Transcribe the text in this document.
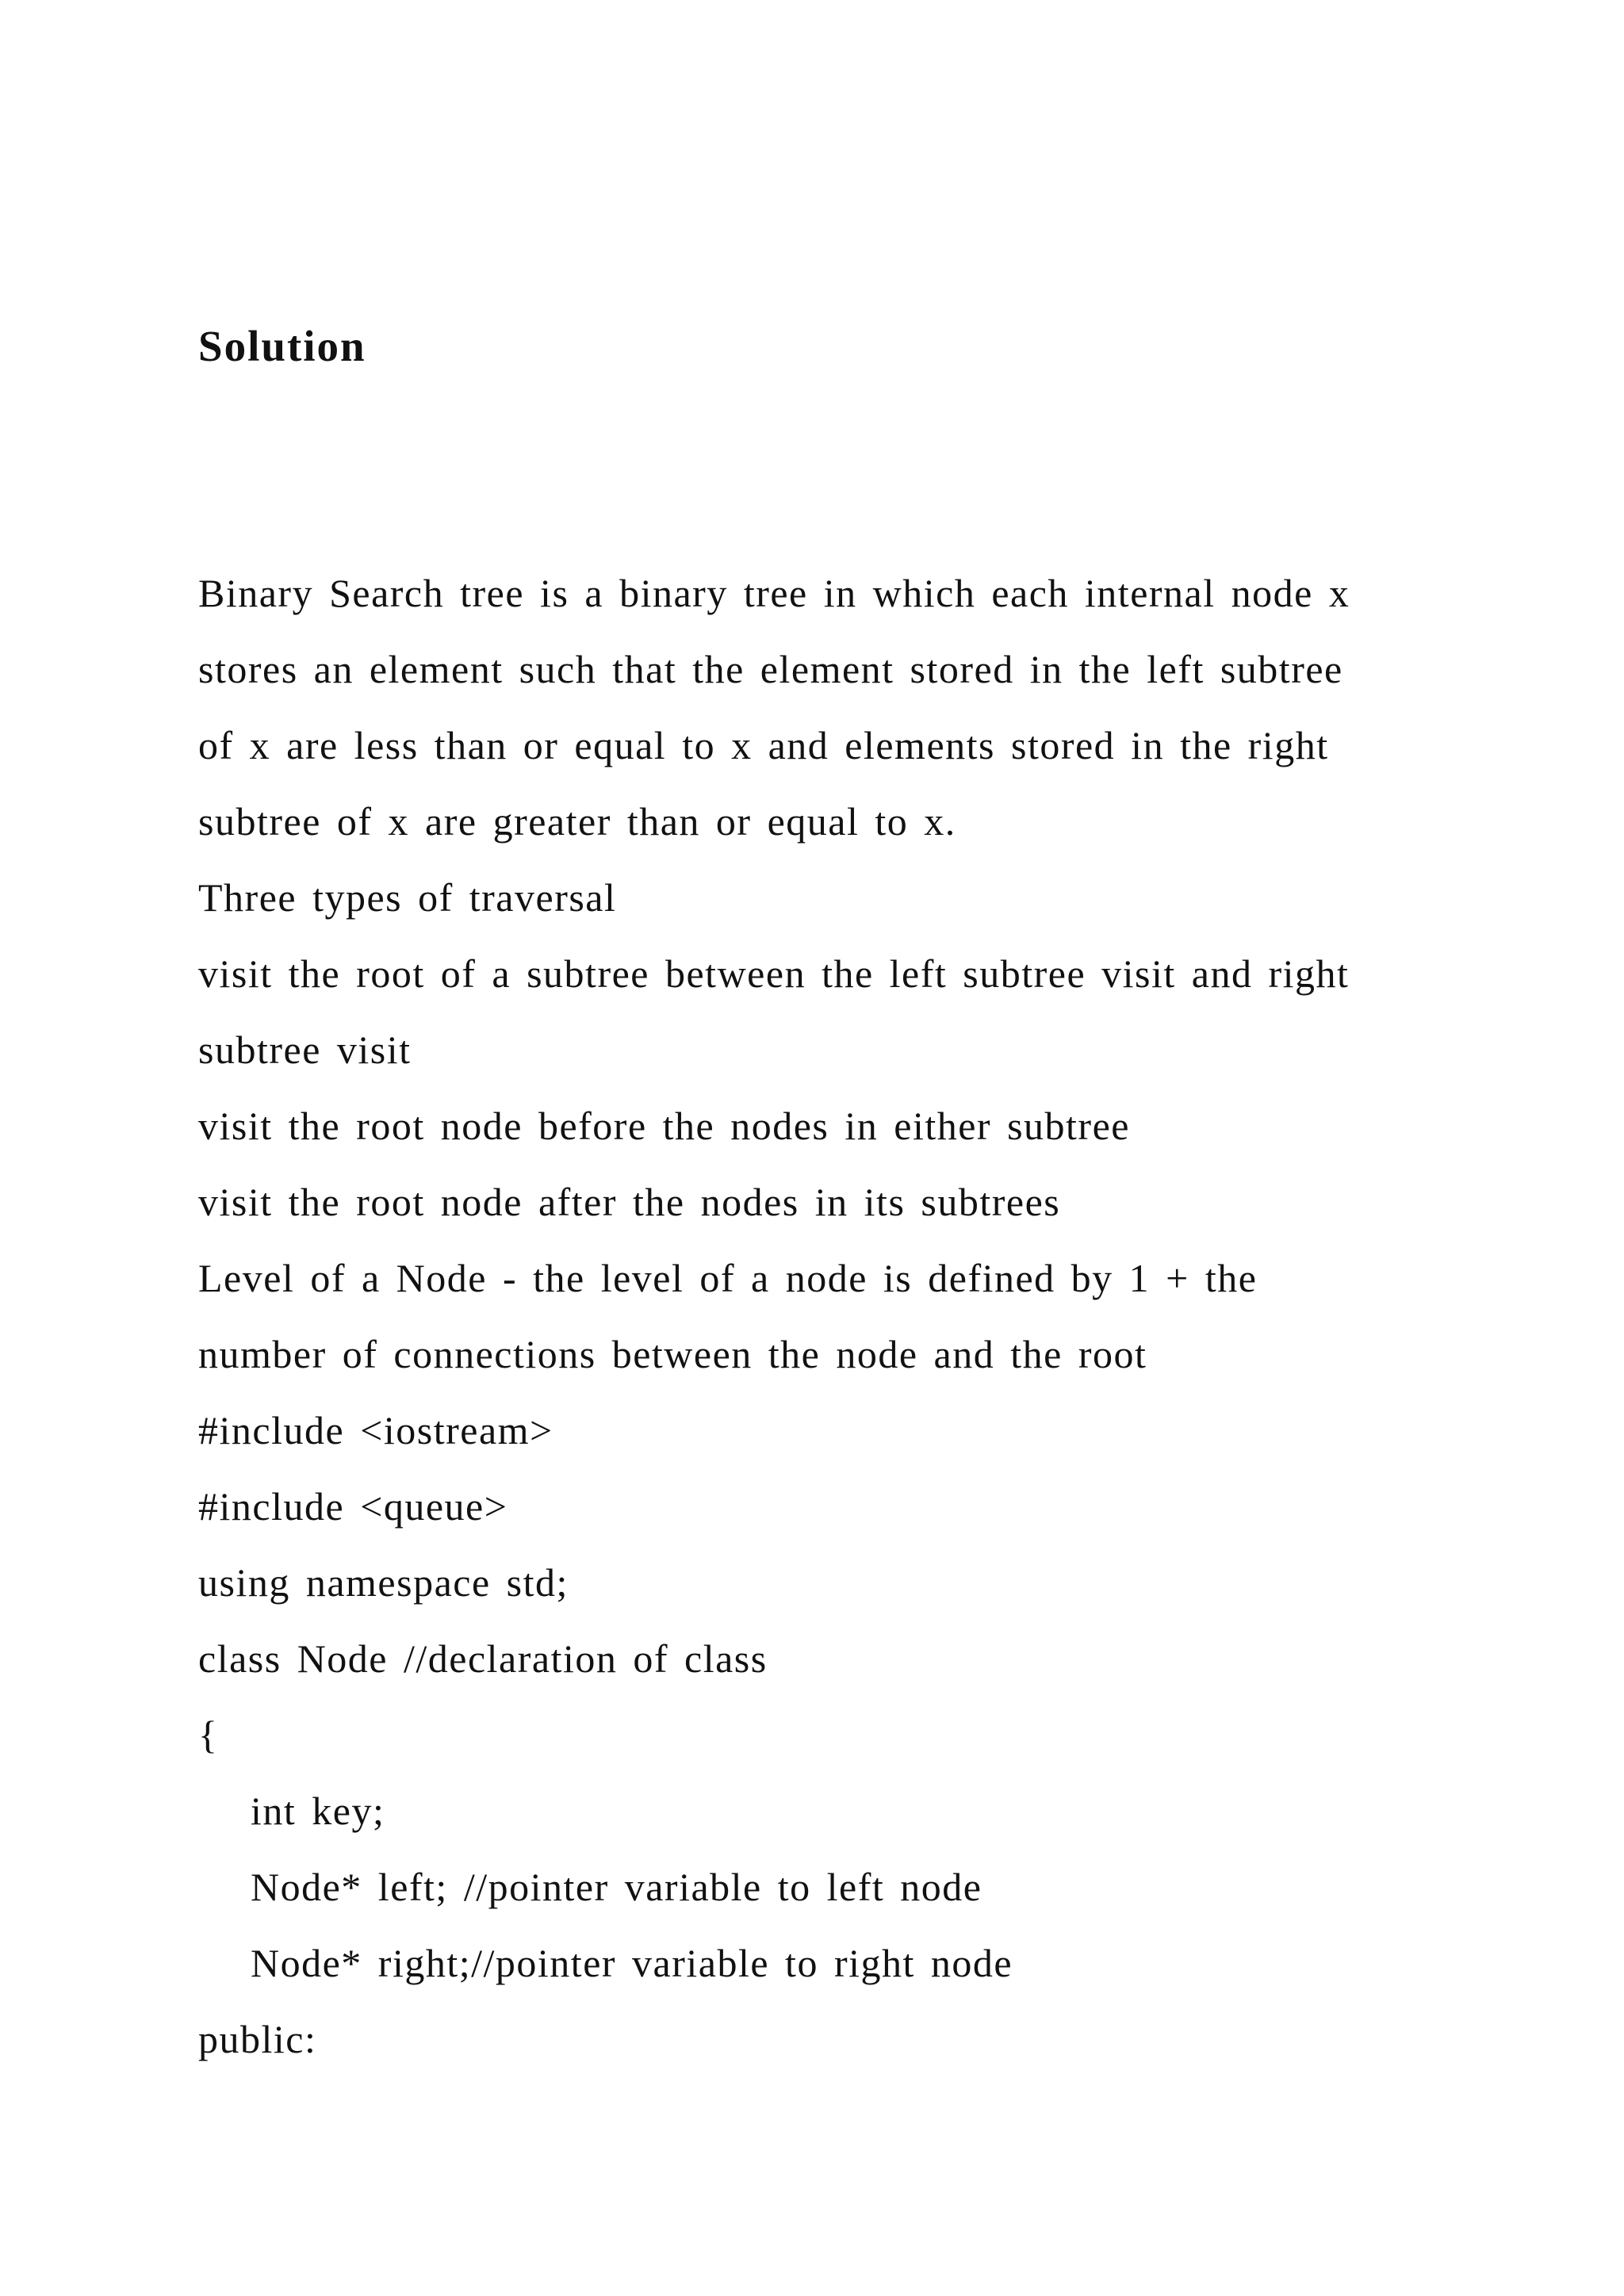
Solution
Binary Search tree is a binary tree in which each internal node x
stores an element such that the element stored in the left subtree
of x are less than or equal to x and elements stored in the right
subtree of x are greater than or equal to x.
Three types of traversal
visit the root of a subtree between the left subtree visit and right
subtree visit
visit the root node before the nodes in either subtree
visit the root node after the nodes in its subtrees
Level of a Node - the level of a node is defined by 1 + the
number of connections between the node and the root
#include <iostream>
#include <queue>
using namespace std;
class Node //declaration of class
{
int key;
Node* left; //pointer variable to left node
Node* right;//pointer variable to right node
public:
